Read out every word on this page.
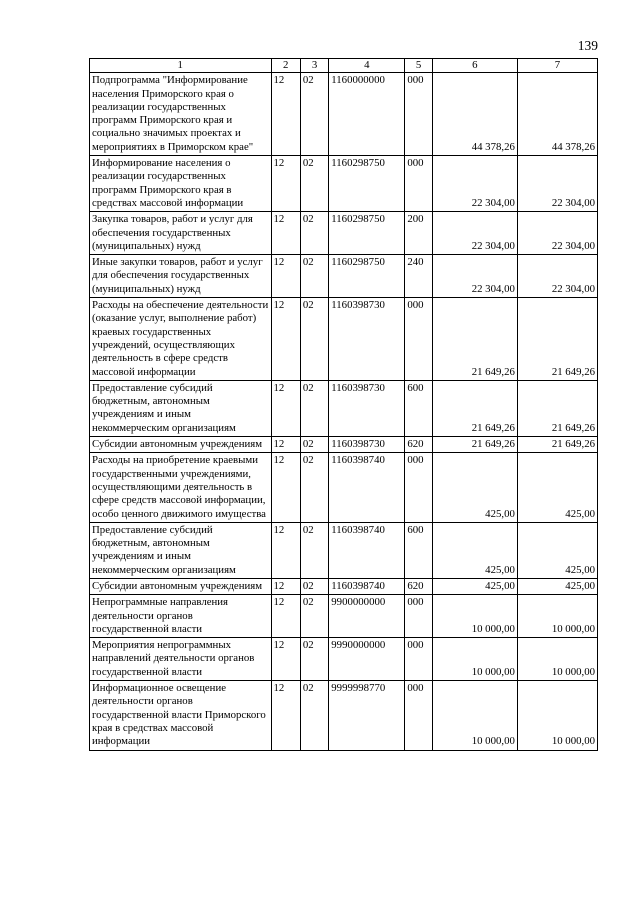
139
1	2	3	4	5	6	7
Подпрограмма "Информирование населения Приморского края о реализации государственных программ Приморского края и социально значимых проектах и мероприятиях в Приморском крае"	12	02	1160000000	000	44 378,26	44 378,26
Информирование населения о реализации государственных программ Приморского края в средствах массовой информации	12	02	1160298750	000	22 304,00	22 304,00
Закупка товаров, работ и услуг для обеспечения государственных (муниципальных) нужд	12	02	1160298750	200	22 304,00	22 304,00
Иные закупки товаров, работ и услуг для обеспечения государственных (муниципальных) нужд	12	02	1160298750	240	22 304,00	22 304,00
Расходы на обеспечение деятельности (оказание услуг, выполнение работ) краевых государственных учреждений, осуществляющих деятельность в сфере средств массовой информации	12	02	1160398730	000	21 649,26	21 649,26
Предоставление субсидий бюджетным, автономным учреждениям и иным некоммерческим организациям	12	02	1160398730	600	21 649,26	21 649,26
Субсидии автономным учреждениям	12	02	1160398730	620	21 649,26	21 649,26
Расходы на приобретение краевыми государственными учреждениями, осуществляющими деятельность в сфере средств массовой информации, особо ценного движимого имущества	12	02	1160398740	000	425,00	425,00
Предоставление субсидий бюджетным, автономным учреждениям и иным некоммерческим организациям	12	02	1160398740	600	425,00	425,00
Субсидии автономным учреждениям	12	02	1160398740	620	425,00	425,00
Непрограммные направления деятельности органов государственной власти	12	02	9900000000	000	10 000,00	10 000,00
Мероприятия непрограммных направлений деятельности органов государственной власти	12	02	9990000000	000	10 000,00	10 000,00
Информационное освещение деятельности органов государственной власти Приморского края в средствах массовой информации	12	02	9999998770	000	10 000,00	10 000,00
